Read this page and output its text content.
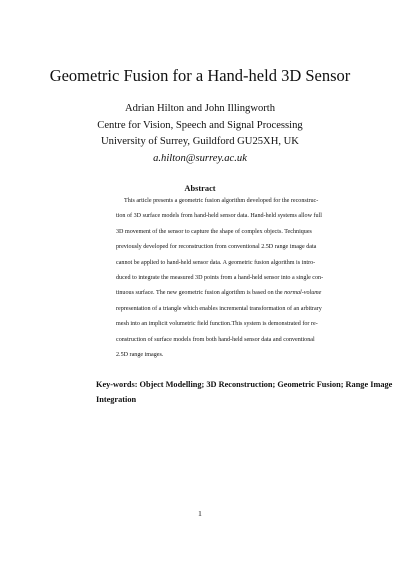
Geometric Fusion for a Hand-held 3D Sensor
Adrian Hilton and John Illingworth
Centre for Vision, Speech and Signal Processing
University of Surrey, Guildford GU25XH, UK
a.hilton@surrey.ac.uk
Abstract
This article presents a geometric fusion algorithm developed for the reconstruc-
tion of 3D surface models from hand-held sensor data. Hand-held systems allow full
3D movement of the sensor to capture the shape of complex objects. Techniques
previously developed for reconstruction from conventional 2.5D range image data
cannot be applied to hand-held sensor data. A geometric fusion algorithm is intro-
duced to integrate the measured 3D points from a hand-held sensor into a single con-
tinuous surface. The new geometric fusion algorithm is based on the normal-volume
representation of a triangle which enables incremental transformation of an arbitrary
mesh into an implicit volumetric field function.This system is demonstrated for re-
construction of surface models from both hand-held sensor data and conventional
2.5D range images.
Key-words: Object Modelling; 3D Reconstruction; Geometric Fusion; Range Image
Integration
1
